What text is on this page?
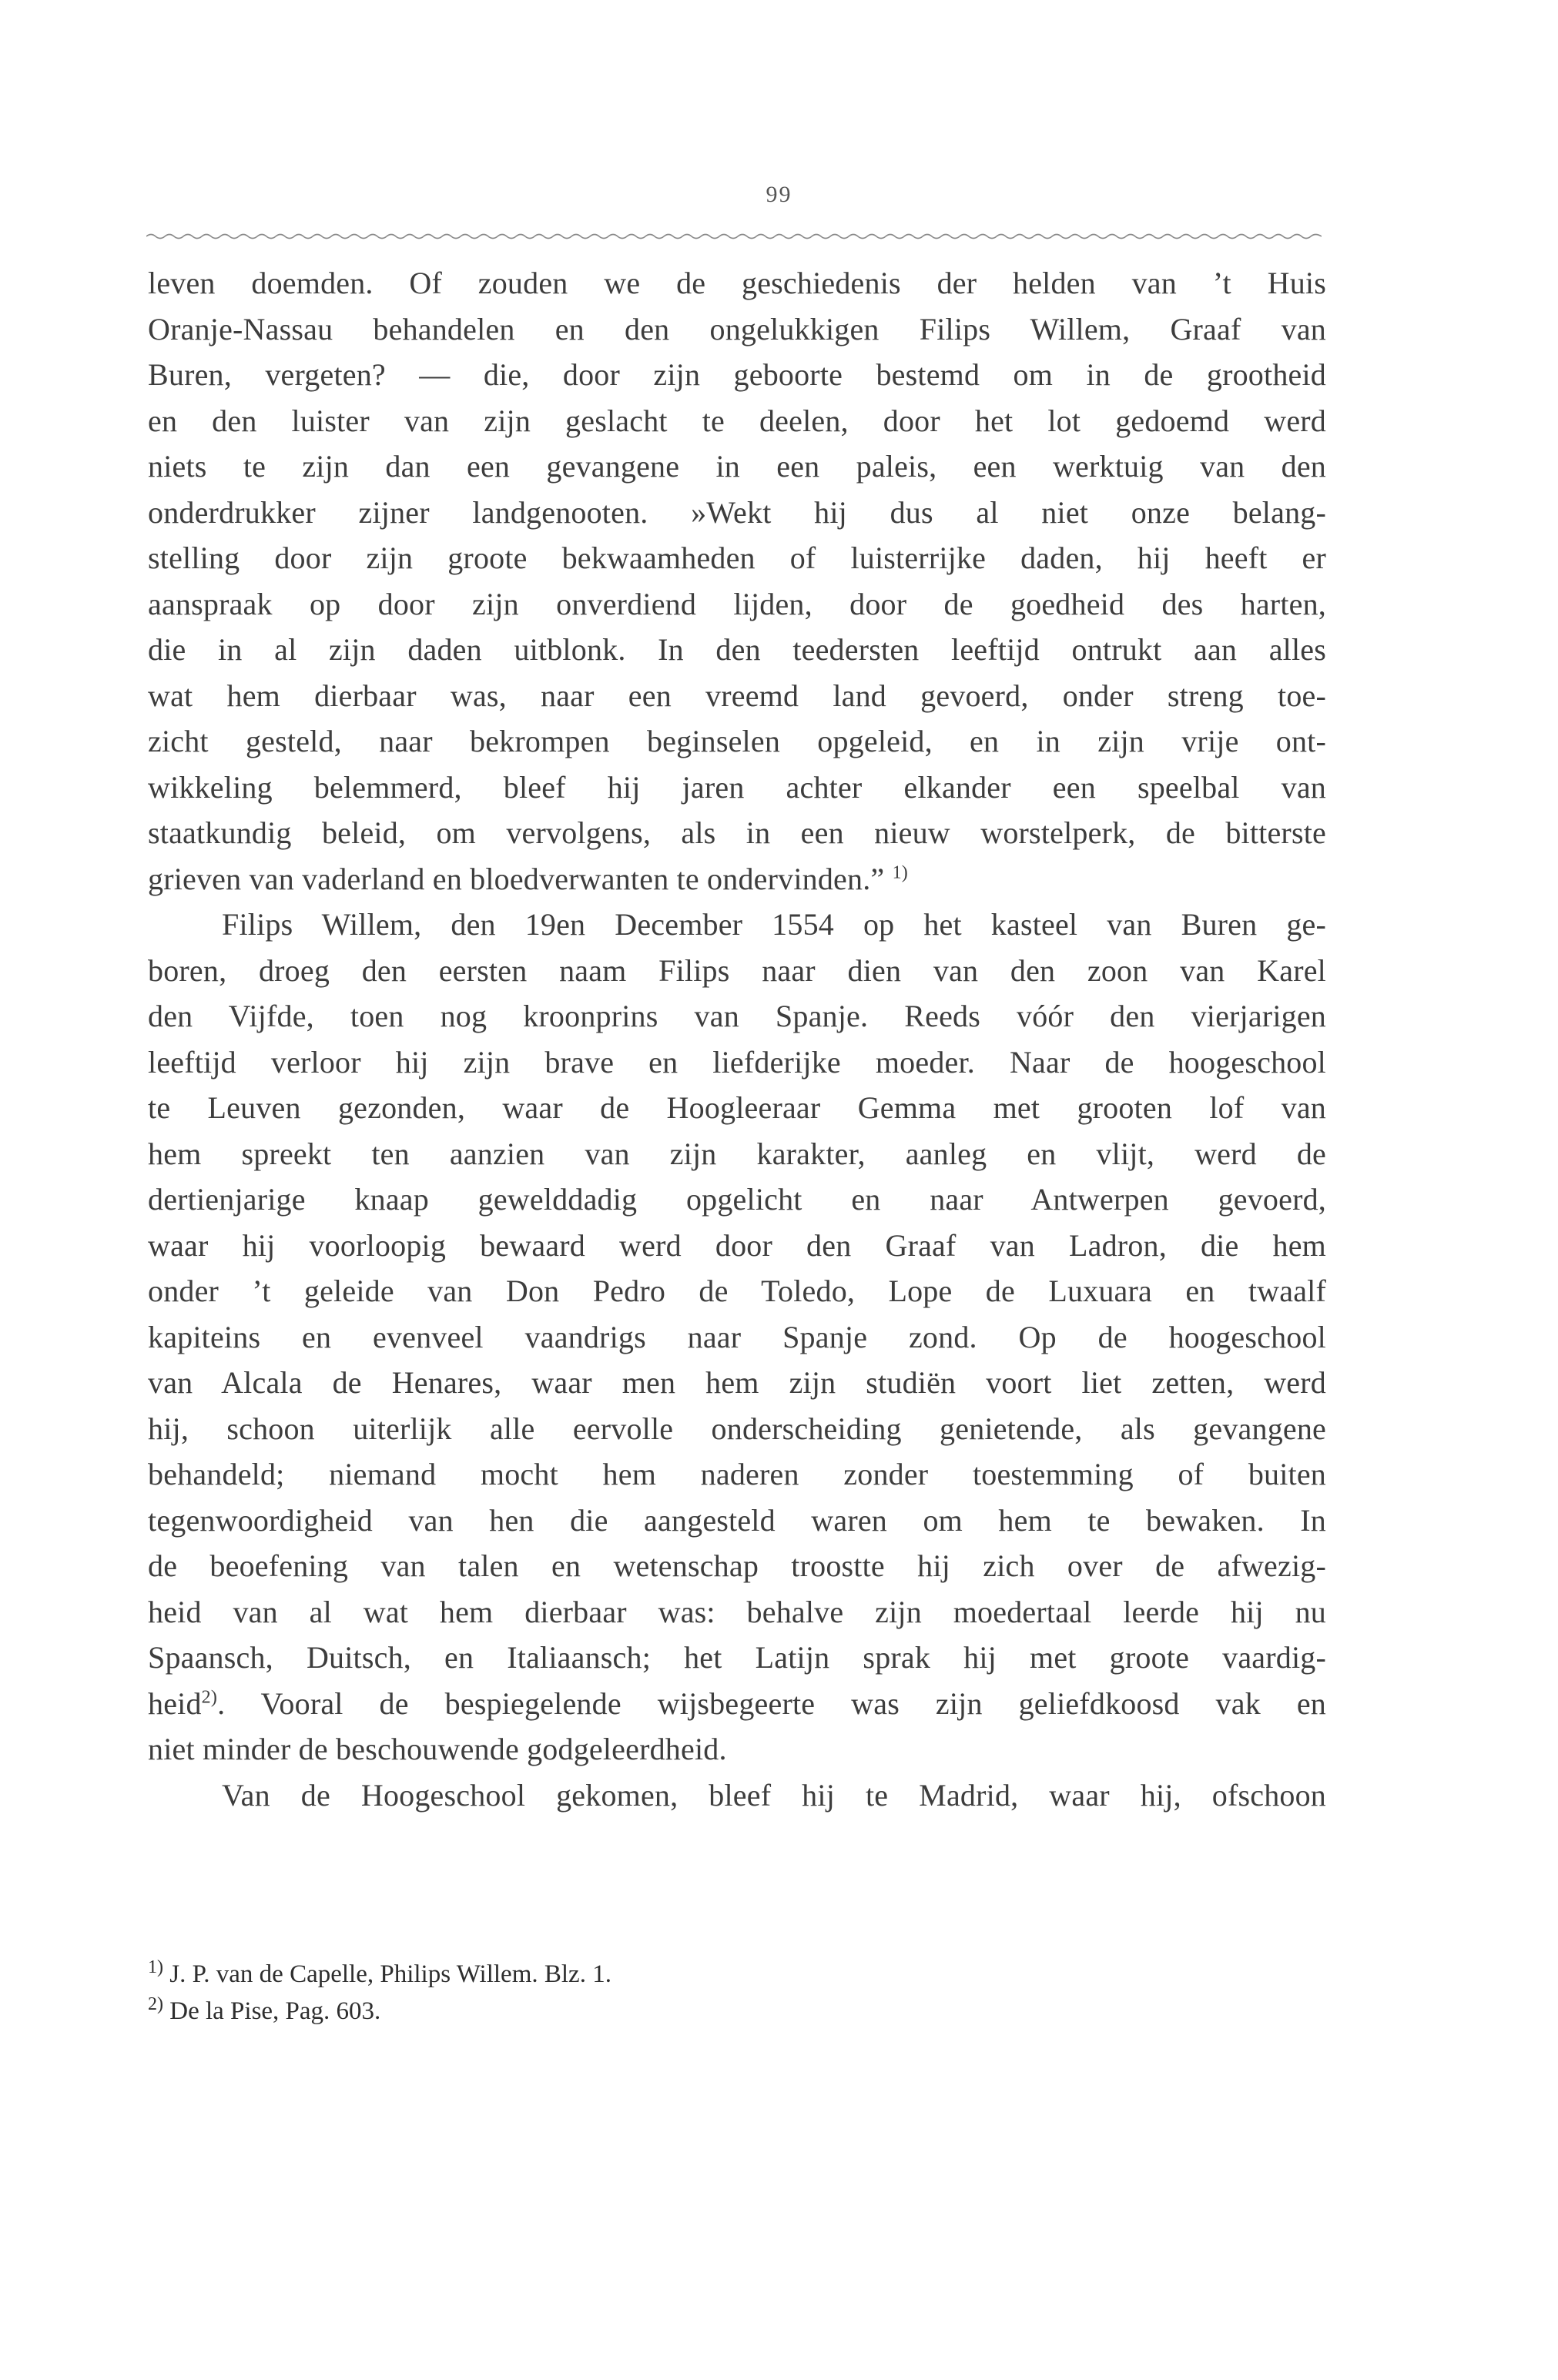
99
leven doemden. Of zouden we de geschiedenis der helden van ’t Huis
Oranje-Nassau behandelen en den ongelukkigen Filips Willem, Graaf van
Buren, vergeten? — die, door zijn geboorte bestemd om in de grootheid
en den luister van zijn geslacht te deelen, door het lot gedoemd werd
niets te zijn dan een gevangene in een paleis, een werktuig van den
onderdrukker zijner landgenooten. »Wekt hij dus al niet onze belang-
stelling door zijn groote bekwaamheden of luisterrijke daden, hij heeft er
aanspraak op door zijn onverdiend lijden, door de goedheid des harten,
die in al zijn daden uitblonk. In den teedersten leeftijd ontrukt aan alles
wat hem dierbaar was, naar een vreemd land gevoerd, onder streng toe-
zicht gesteld, naar bekrompen beginselen opgeleid, en in zijn vrije ont-
wikkeling belemmerd, bleef hij jaren achter elkander een speelbal van
staatkundig beleid, om vervolgens, als in een nieuw worstelperk, de bitterste
grieven van vaderland en bloedverwanten te ondervinden.” $^{1)}$
Filips Willem, den 19en December 1554 op het kasteel van Buren ge-
boren, droeg den eersten naam Filips naar dien van den zoon van Karel
den Vijfde, toen nog kroonprins van Spanje. Reeds vóór den vierjarigen
leeftijd verloor hij zijn brave en liefderijke moeder. Naar de hoogeschool
te Leuven gezonden, waar de Hoogleeraar Gemma met grooten lof van
hem spreekt ten aanzien van zijn karakter, aanleg en vlijt, werd de
dertienjarige knaap gewelddadig opgelicht en naar Antwerpen gevoerd,
waar hij voorloopig bewaard werd door den Graaf van Ladron, die hem
onder ’t geleide van Don Pedro de Toledo, Lope de Luxuara en twaalf
kapiteins en evenveel vaandrigs naar Spanje zond. Op de hoogeschool
van Alcala de Henares, waar men hem zijn studiën voort liet zetten, werd
hij, schoon uiterlijk alle eervolle onderscheiding genietende, als gevangene
behandeld; niemand mocht hem naderen zonder toestemming of buiten
tegenwoordigheid van hen die aangesteld waren om hem te bewaken. In
de beoefening van talen en wetenschap troostte hij zich over de afwezig-
heid van al wat hem dierbaar was: behalve zijn moedertaal leerde hij nu
Spaansch, Duitsch, en Italiaansch; het Latijn sprak hij met groote vaardig-
heid$^{2)}$. Vooral de bespiegelende wijsbegeerte was zijn geliefdkoosd vak en
niet minder de beschouwende godgeleerdheid.
Van de Hoogeschool gekomen, bleef hij te Madrid, waar hij, ofschoon
$^{1)}$ J. P. van de Capelle, Philips Willem. Blz. 1.
$^{2)}$ De la Pise, Pag. 603.
